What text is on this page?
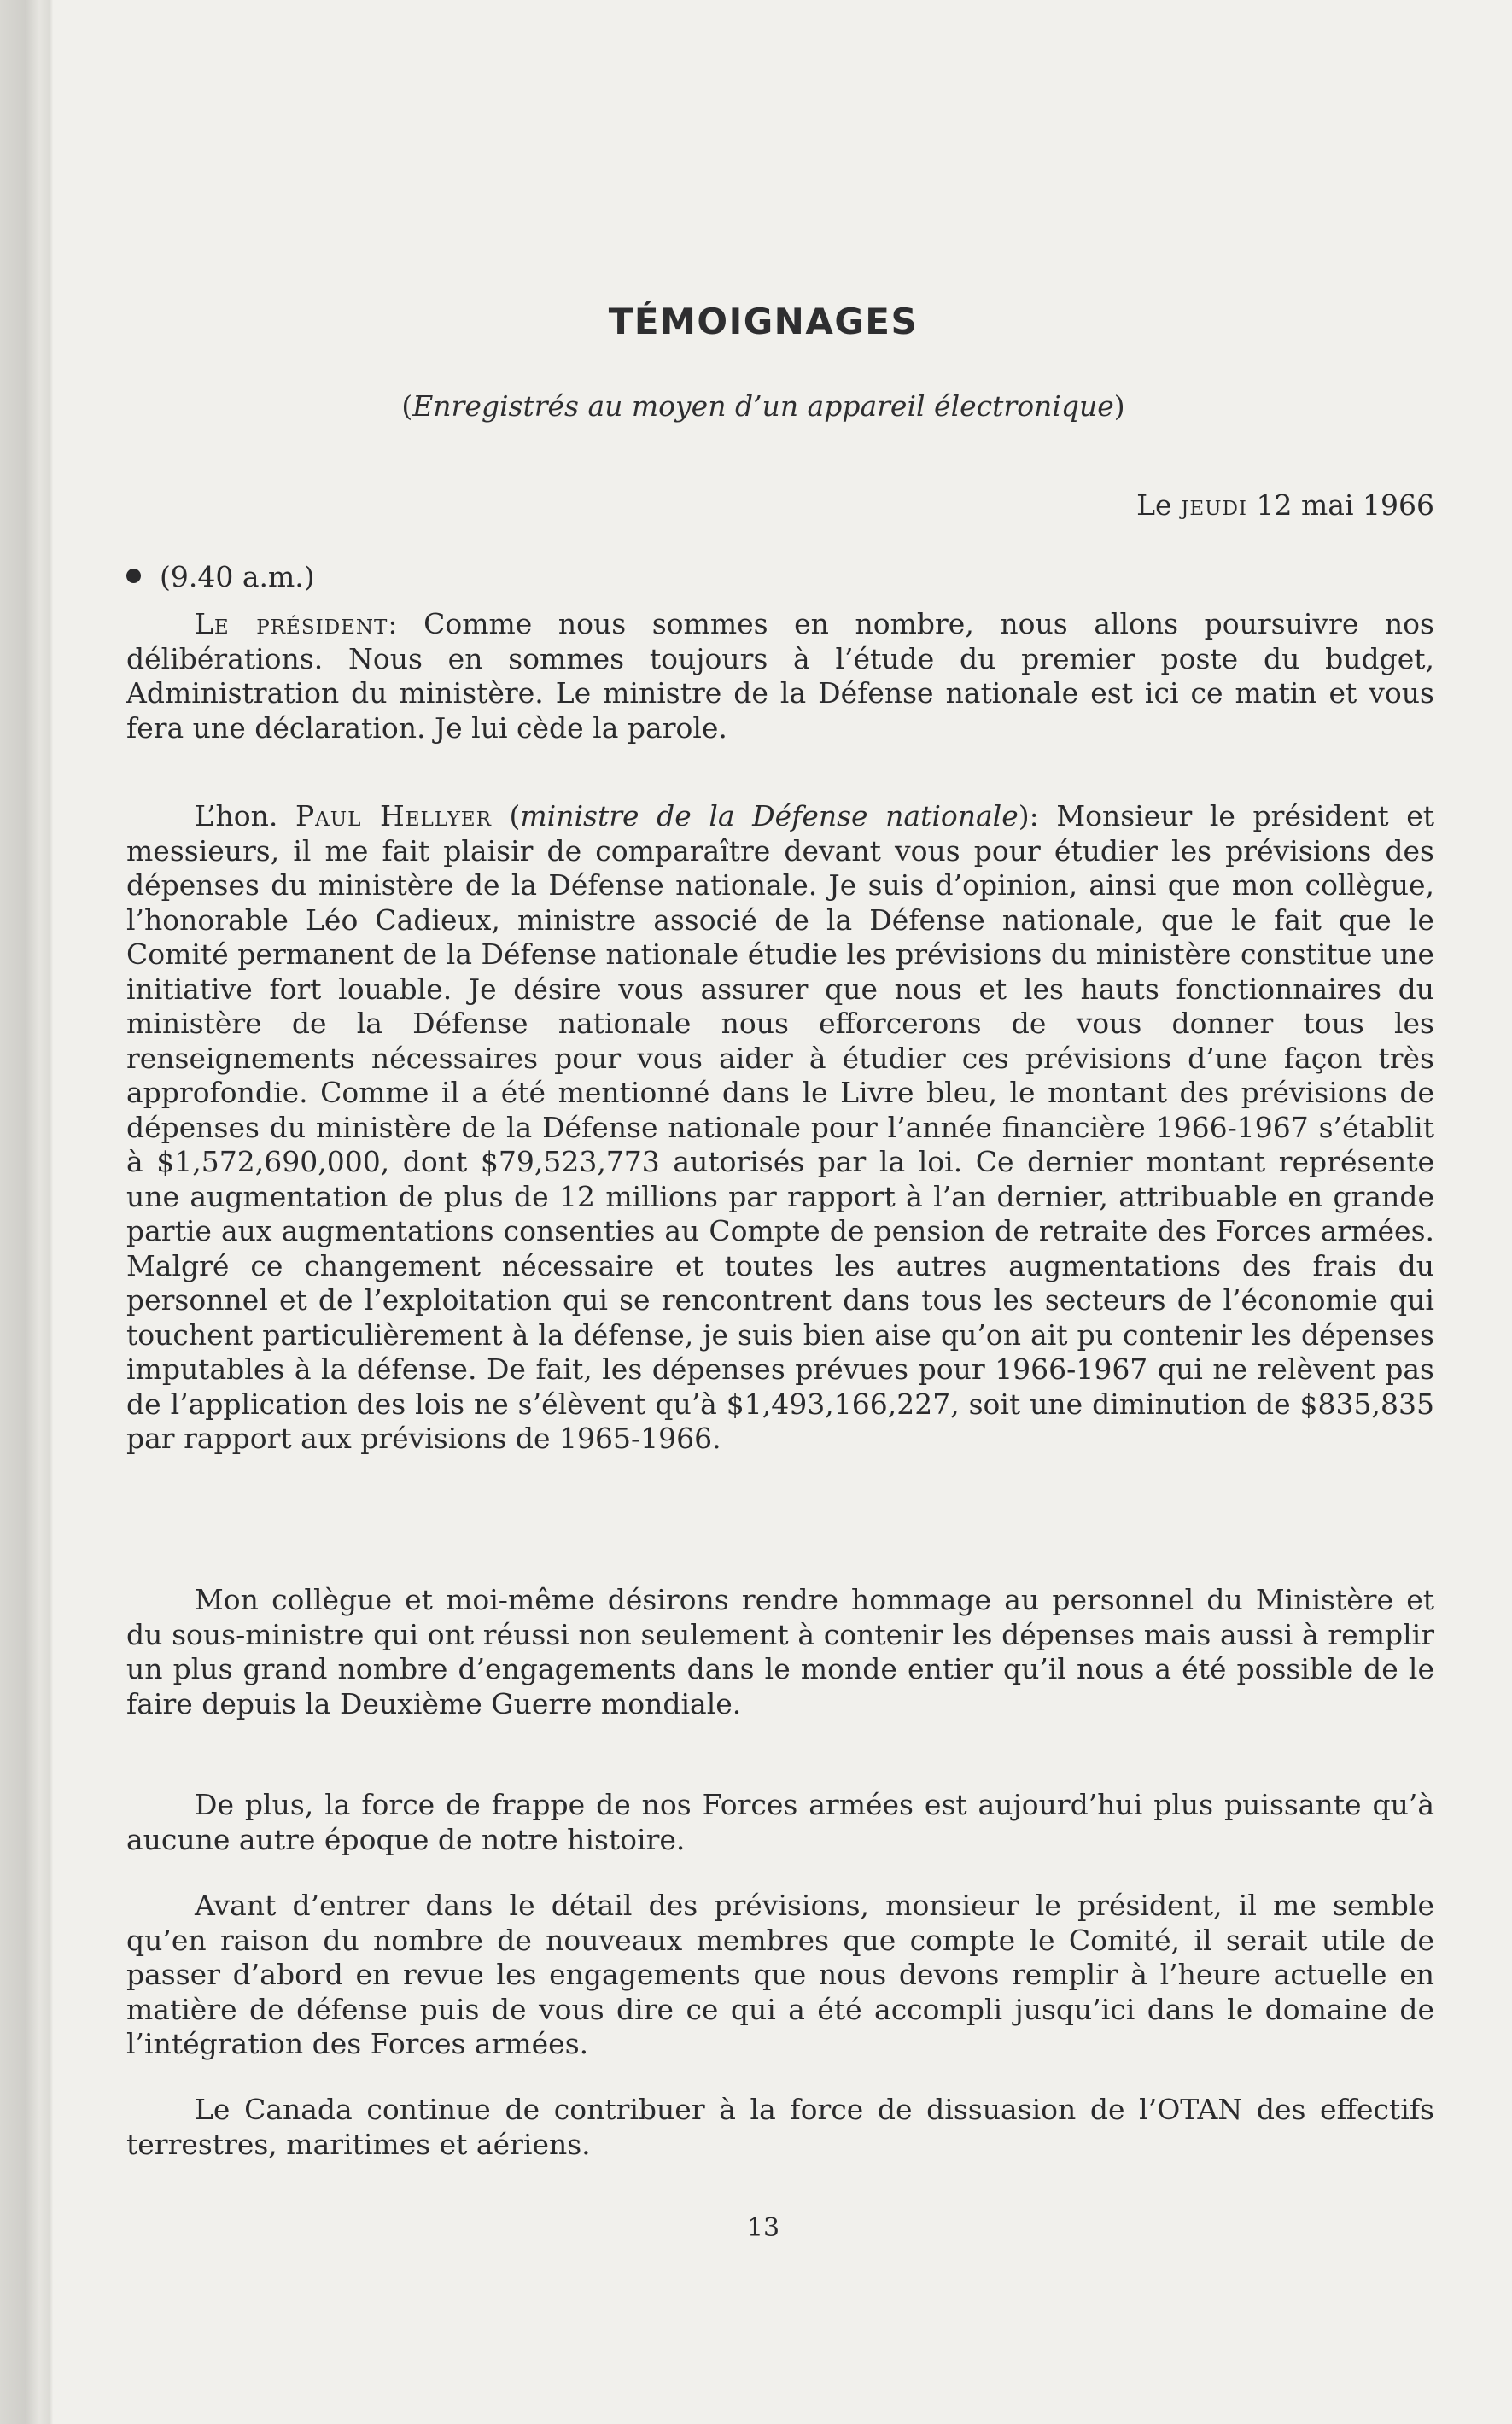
TÉMOIGNAGES
(Enregistrés au moyen d’un appareil électronique)
Le jeudi 12 mai 1966
(9.40 a.m.)

Le président: Comme nous sommes en nombre, nous allons poursuivre nos délibérations. Nous en sommes toujours à l’étude du premier poste du budget, Administration du ministère. Le ministre de la Défense nationale est ici ce matin et vous fera une déclaration. Je lui cède la parole.

L’hon. Paul Hellyer (ministre de la Défense nationale): Monsieur le président et messieurs, il me fait plaisir de comparaître devant vous pour étudier les prévisions des dépenses du ministère de la Défense nationale. Je suis d’opinion, ainsi que mon collègue, l’honorable Léo Cadieux, ministre associé de la Défense nationale, que le fait que le Comité permanent de la Défense nationale étudie les prévisions du ministère constitue une initiative fort louable. Je désire vous assurer que nous et les hauts fonctionnaires du ministère de la Défense nationale nous efforcerons de vous donner tous les renseignements nécessaires pour vous aider à étudier ces prévisions d’une façon très approfondie. Comme il a été mentionné dans le Livre bleu, le montant des prévisions de dépenses du ministère de la Défense nationale pour l’année financière 1966-1967 s’établit à $1,572,690,000, dont $79,523,773 autorisés par la loi. Ce dernier montant représente une augmentation de plus de 12 millions par rapport à l’an dernier, attribuable en grande partie aux augmentations consenties au Compte de pension de retraite des Forces armées. Malgré ce changement nécessaire et toutes les autres augmentations des frais du personnel et de l’exploitation qui se rencontrent dans tous les secteurs de l’économie qui touchent particulièrement à la défense, je suis bien aise qu’on ait pu contenir les dépenses imputables à la défense. De fait, les dépenses prévues pour 1966-1967 qui ne relèvent pas de l’application des lois ne s’élèvent qu’à $1,493,166,227, soit une diminution de $835,835 par rapport aux prévisions de 1965-1966.

Mon collègue et moi-même désirons rendre hommage au personnel du Ministère et du sous-ministre qui ont réussi non seulement à contenir les dépenses mais aussi à remplir un plus grand nombre d’engagements dans le monde entier qu’il nous a été possible de le faire depuis la Deuxième Guerre mondiale.

De plus, la force de frappe de nos Forces armées est aujourd’hui plus puissante qu’à aucune autre époque de notre histoire.

Avant d’entrer dans le détail des prévisions, monsieur le président, il me semble qu’en raison du nombre de nouveaux membres que compte le Comité, il serait utile de passer d’abord en revue les engagements que nous devons remplir à l’heure actuelle en matière de défense puis de vous dire ce qui a été accompli jusqu’ici dans le domaine de l’intégration des Forces armées.

Le Canada continue de contribuer à la force de dissuasion de l’OTAN des effectifs terrestres, maritimes et aériens.

13
